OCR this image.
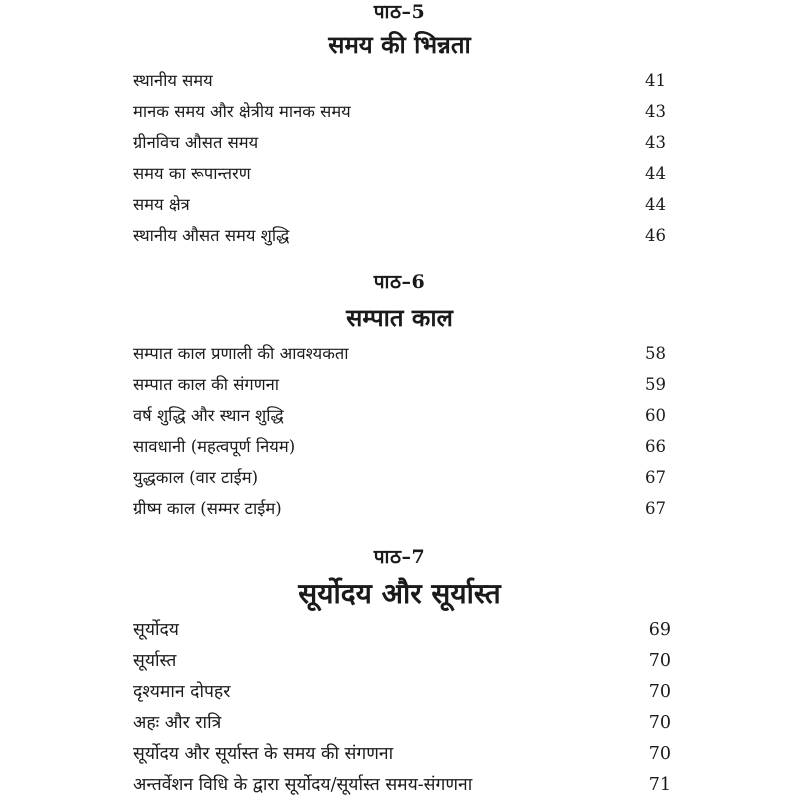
पाठ–5
समय की भिन्नता
स्थानीय समय	41
मानक समय और क्षेत्रीय मानक समय	43
ग्रीनविच औसत समय	43
समय का रूपान्तरण	44
समय क्षेत्र	44
स्थानीय औसत समय शुद्धि	46
पाठ–6
सम्पात काल
सम्पात काल प्रणाली की आवश्यकता	58
सम्पात काल की संगणना	59
वर्ष शुद्धि और स्थान शुद्धि	60
सावधानी (महत्वपूर्ण नियम)	66
युद्धकाल (वार टाईम)	67
ग्रीष्म काल (सम्मर टाईम)	67
पाठ–7
सूर्योदय और सूर्यास्त
सूर्योदय	69
सूर्यास्त	70
दृश्यमान दोपहर	70
अहः और रात्रि	70
सूर्योदय और सूर्यास्त के समय की संगणना	70
अन्तर्वेशन विधि के द्वारा सूर्योदय/सूर्यास्त समय-संगणना	71
